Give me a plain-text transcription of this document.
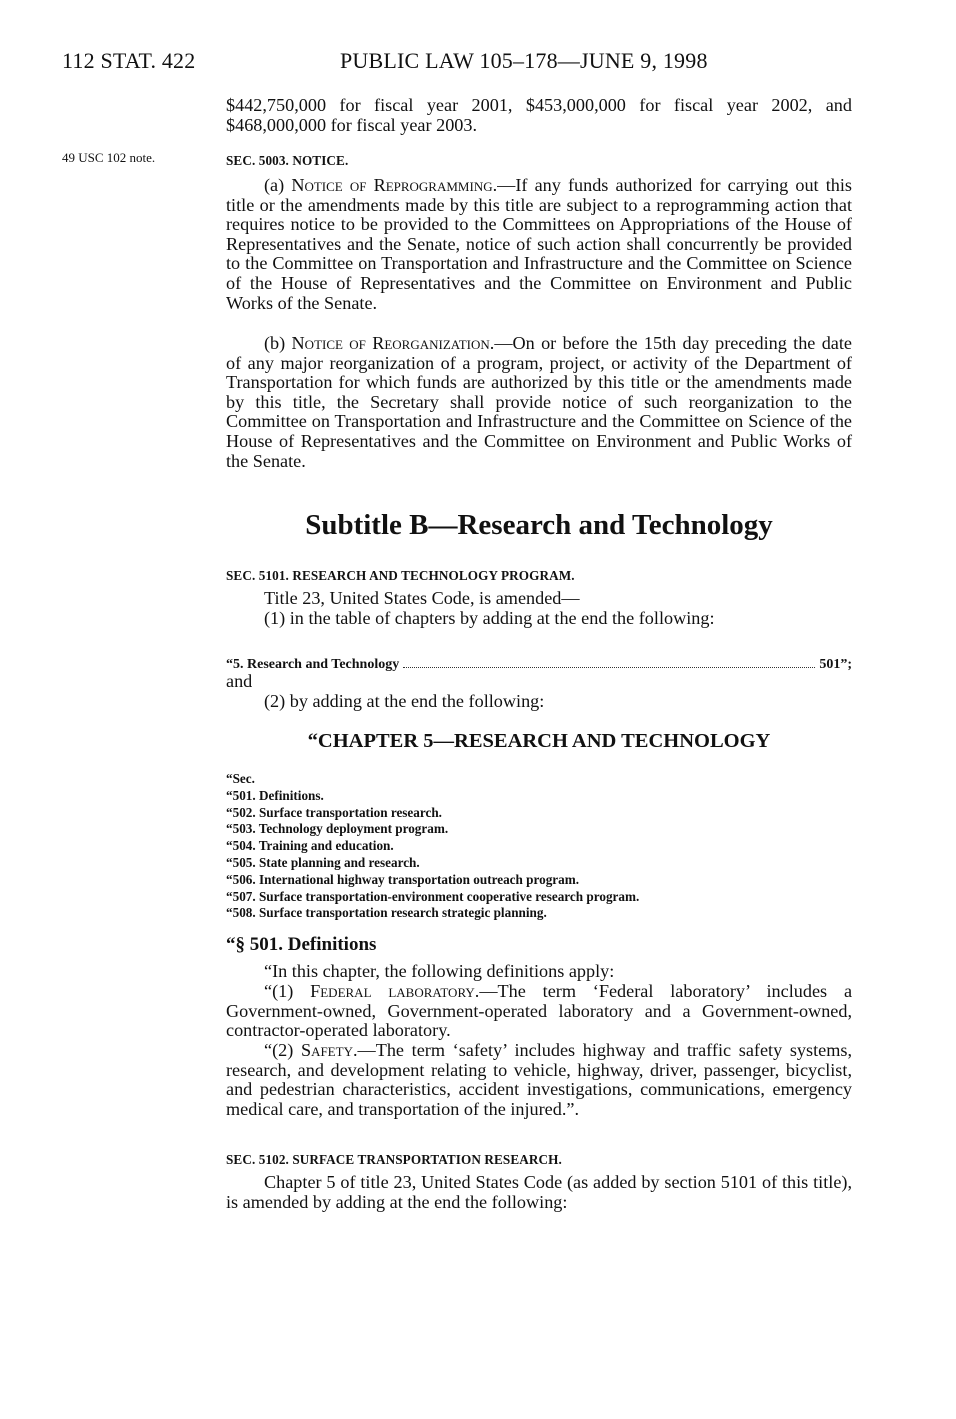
112 STAT. 422	PUBLIC LAW 105–178—JUNE 9, 1998
$442,750,000 for fiscal year 2001, $453,000,000 for fiscal year 2002, and $468,000,000 for fiscal year 2003.
49 USC 102 note.	SEC. 5003. NOTICE.
(a) Notice of Reprogramming.—If any funds authorized for carrying out this title or the amendments made by this title are subject to a reprogramming action that requires notice to be provided to the Committees on Appropriations of the House of Representatives and the Senate, notice of such action shall concurrently be provided to the Committee on Transportation and Infrastructure and the Committee on Science of the House of Representatives and the Committee on Environment and Public Works of the Senate.
(b) Notice of Reorganization.—On or before the 15th day preceding the date of any major reorganization of a program, project, or activity of the Department of Transportation for which funds are authorized by this title or the amendments made by this title, the Secretary shall provide notice of such reorganization to the Committee on Transportation and Infrastructure and the Committee on Science of the House of Representatives and the Committee on Environment and Public Works of the Senate.
Subtitle B—Research and Technology
SEC. 5101. RESEARCH AND TECHNOLOGY PROGRAM.
Title 23, United States Code, is amended—
(1) in the table of chapters by adding at the end the following:
“5. Research and Technology	501”;
and
(2) by adding at the end the following:
“CHAPTER 5—RESEARCH AND TECHNOLOGY
“Sec.
“501. Definitions.
“502. Surface transportation research.
“503. Technology deployment program.
“504. Training and education.
“505. State planning and research.
“506. International highway transportation outreach program.
“507. Surface transportation-environment cooperative research program.
“508. Surface transportation research strategic planning.
“§ 501. Definitions
“In this chapter, the following definitions apply:
“(1) Federal laboratory.—The term ‘Federal laboratory’ includes a Government-owned, Government-operated laboratory and a Government-owned, contractor-operated laboratory.
“(2) Safety.—The term ‘safety’ includes highway and traffic safety systems, research, and development relating to vehicle, highway, driver, passenger, bicyclist, and pedestrian characteristics, accident investigations, communications, emergency medical care, and transportation of the injured.”.
SEC. 5102. SURFACE TRANSPORTATION RESEARCH.
Chapter 5 of title 23, United States Code (as added by section 5101 of this title), is amended by adding at the end the following:
